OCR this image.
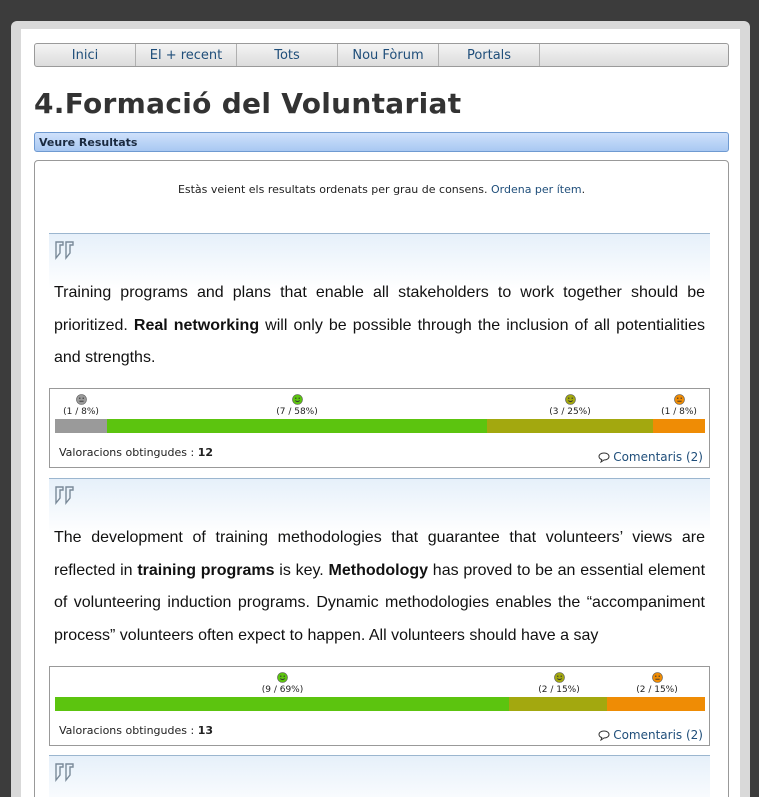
Inici	El + recent	Tots	Nou Fòrum	Portals
4.Formació del Voluntariat
Veure Resultats
Estàs veient els resultats ordenats per grau de consens. Ordena per ítem.
Training programs and plans that enable all stakeholders to work together should be prioritized. Real networking will only be possible through the inclusion of all potentialities and strengths.
(1 / 8%)	(7 / 58%)	(3 / 25%)	(1 / 8%)
Valoracions obtingudes : 12	Comentaris (2)
The development of training methodologies that guarantee that volunteers’ views are reflected in training programs is key. Methodology has proved to be an essential element of volunteering induction programs. Dynamic methodologies enables the “accompaniment process” volunteers often expect to happen. All volunteers should have a say
(9 / 69%)	(2 / 15%)	(2 / 15%)
Valoracions obtingudes : 13	Comentaris (2)
